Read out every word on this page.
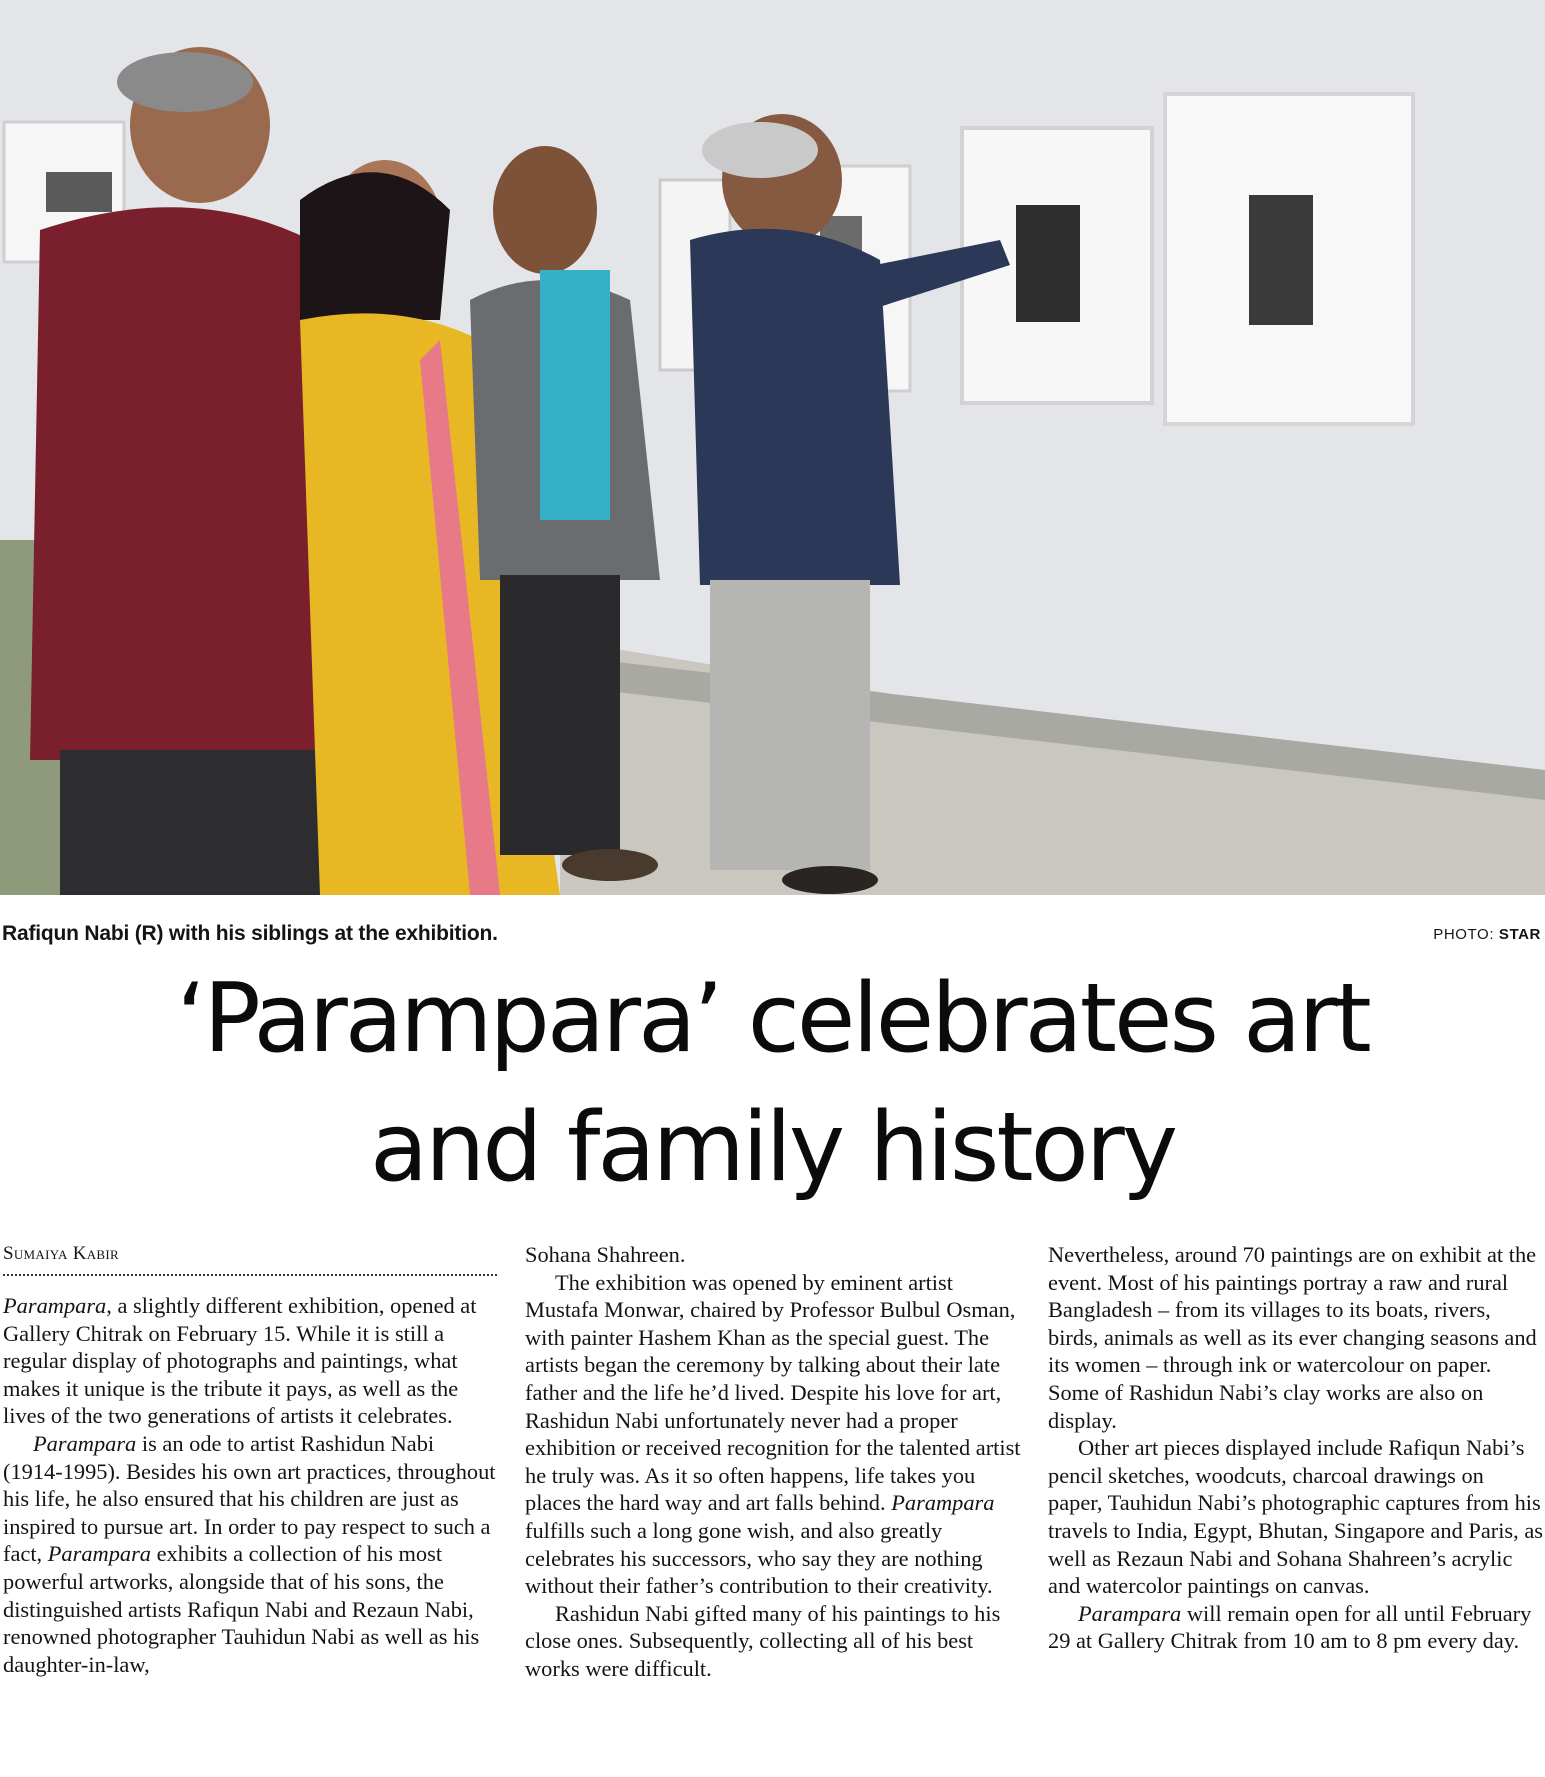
Rafiqun Nabi (R) with his siblings at the exhibition.	PHOTO: STAR
‘Parampara’ celebrates art
and family history
Sumaiya Kabir

Parampara, a slightly different exhibition, opened at Gallery Chitrak on February 15. While it is still a regular display of photographs and paintings, what makes it unique is the tribute it pays, as well as the lives of the two generations of artists it celebrates.

Parampara is an ode to artist Rashidun Nabi (1914-1995). Besides his own art practices, throughout his life, he also ensured that his children are just as inspired to pursue art. In order to pay respect to such a fact, Parampara exhibits a collection of his most powerful artworks, alongside that of his sons, the distinguished artists Rafiqun Nabi and Rezaun Nabi, renowned photographer Tauhidun Nabi as well as his daughter-in-law,

Sohana Shahreen.

The exhibition was opened by eminent artist Mustafa Monwar, chaired by Professor Bulbul Osman, with painter Hashem Khan as the special guest. The artists began the ceremony by talking about their late father and the life he’d lived. Despite his love for art, Rashidun Nabi unfortunately never had a proper exhibition or received recognition for the talented artist he truly was. As it so often happens, life takes you places the hard way and art falls behind. Parampara fulfills such a long gone wish, and also greatly celebrates his successors, who say they are nothing without their father’s contribution to their creativity.

Rashidun Nabi gifted many of his paintings to his close ones. Subsequently, collecting all of his best works were difficult.

Nevertheless, around 70 paintings are on exhibit at the event. Most of his paintings portray a raw and rural Bangladesh – from its villages to its boats, rivers, birds, animals as well as its ever changing seasons and its women – through ink or watercolour on paper. Some of Rashidun Nabi’s clay works are also on display.

Other art pieces displayed include Rafiqun Nabi’s pencil sketches, woodcuts, charcoal drawings on paper, Tauhidun Nabi’s photographic captures from his travels to India, Egypt, Bhutan, Singapore and Paris, as well as Rezaun Nabi and Sohana Shahreen’s acrylic and watercolor paintings on canvas.

Parampara will remain open for all until February 29 at Gallery Chitrak from 10 am to 8 pm every day.
